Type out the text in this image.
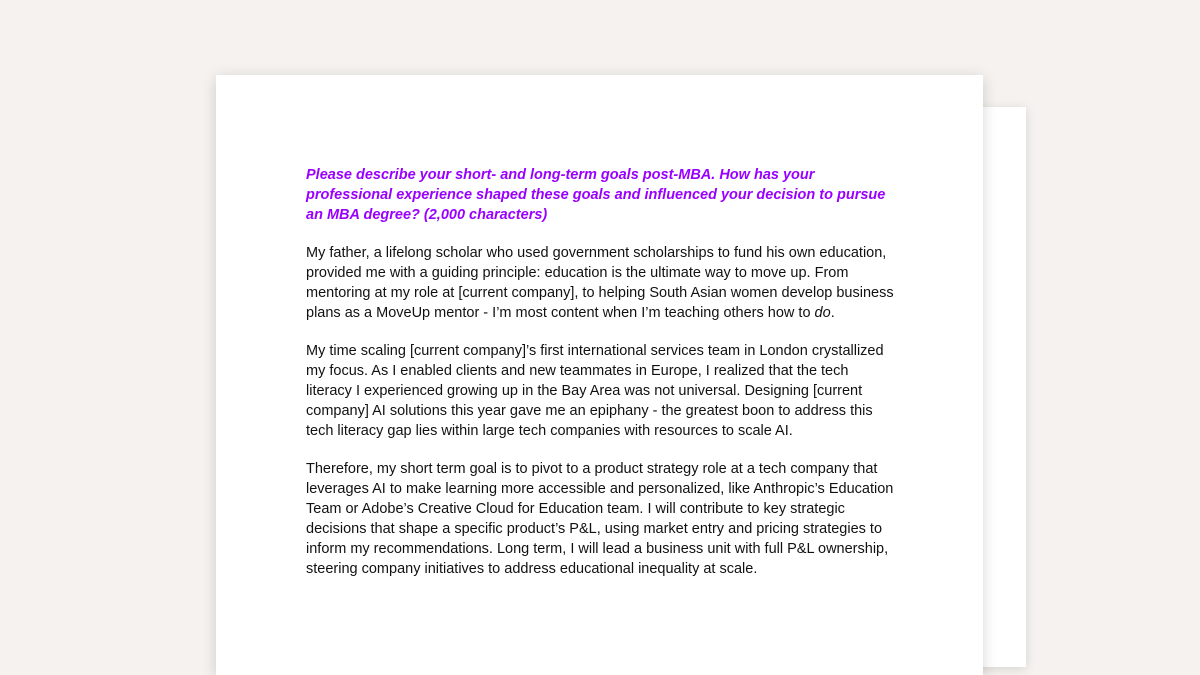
Please describe your short- and long-term goals post-MBA. How has your professional experience shaped these goals and influenced your decision to pursue an MBA degree? (2,000 characters)

My father, a lifelong scholar who used government scholarships to fund his own education, provided me with a guiding principle: education is the ultimate way to move up. From mentoring at my role at [current company], to helping South Asian women develop business plans as a MoveUp mentor - I’m most content when I’m teaching others how to do.

My time scaling [current company]’s first international services team in London crystallized my focus. As I enabled clients and new teammates in Europe, I realized that the tech literacy I experienced growing up in the Bay Area was not universal. Designing [current company] AI solutions this year gave me an epiphany - the greatest boon to address this tech literacy gap lies within large tech companies with resources to scale AI.

Therefore, my short term goal is to pivot to a product strategy role at a tech company that leverages AI to make learning more accessible and personalized, like Anthropic’s Education Team or Adobe’s Creative Cloud for Education team. I will contribute to key strategic decisions that shape a specific product’s P&L, using market entry and pricing strategies to inform my recommendations. Long term, I will lead a business unit with full P&L ownership, steering company initiatives to address educational inequality at scale.
